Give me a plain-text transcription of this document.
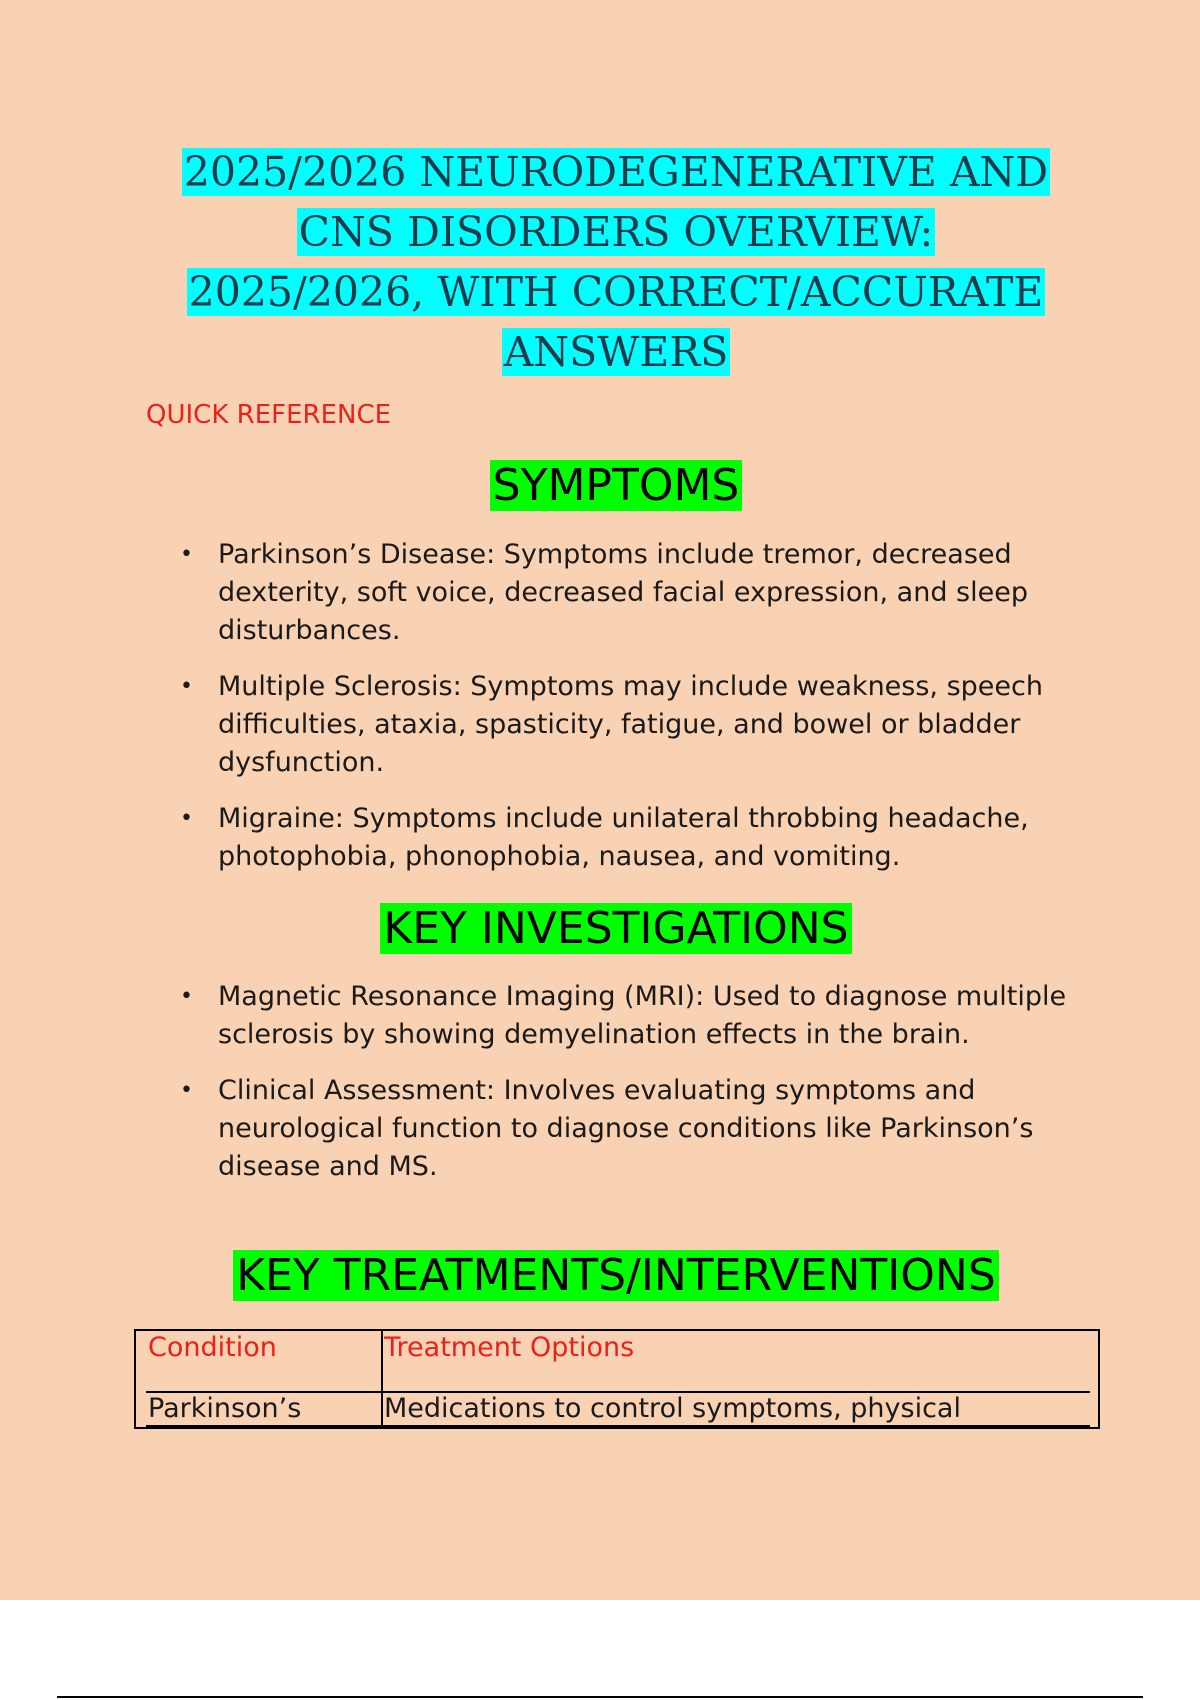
2025/2026 NEURODEGENERATIVE AND
CNS DISORDERS OVERVIEW:
2025/2026, WITH CORRECT/ACCURATE
ANSWERS

QUICK REFERENCE

SYMPTOMS
• Parkinson’s Disease: Symptoms include tremor, decreased dexterity, soft voice, decreased facial expression, and sleep disturbances.
• Multiple Sclerosis: Symptoms may include weakness, speech difficulties, ataxia, spasticity, fatigue, and bowel or bladder dysfunction.
• Migraine: Symptoms include unilateral throbbing headache, photophobia, phonophobia, nausea, and vomiting.
KEY INVESTIGATIONS
• Magnetic Resonance Imaging (MRI): Used to diagnose multiple sclerosis by showing demyelination effects in the brain.
• Clinical Assessment: Involves evaluating symptoms and neurological function to diagnose conditions like Parkinson’s disease and MS.
KEY TREATMENTS/INTERVENTIONS
Condition	Treatment Options
Parkinson’s	Medications to control symptoms, physical
